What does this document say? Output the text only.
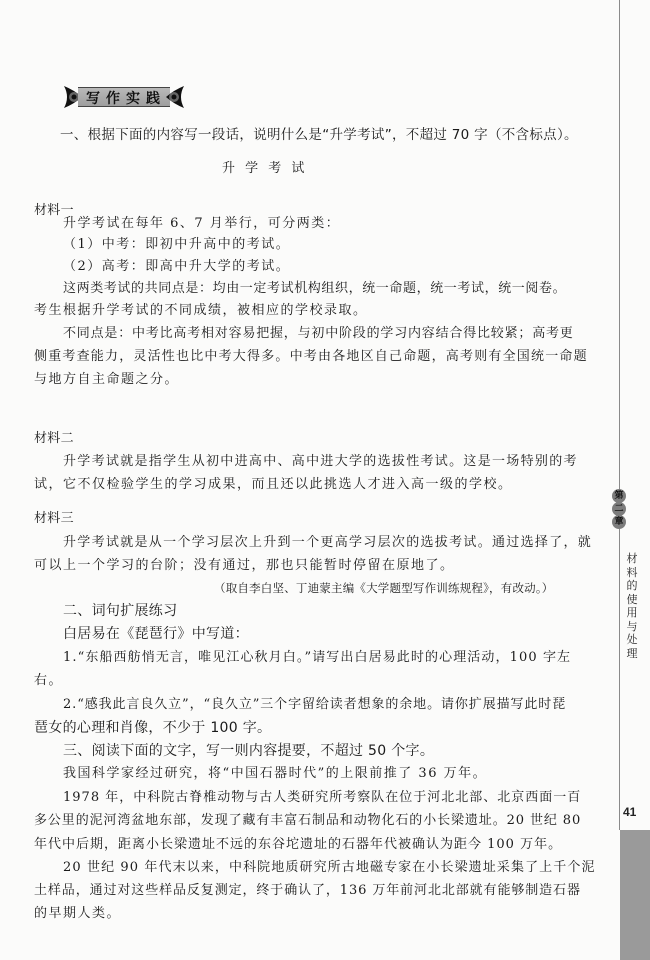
写作实践
一、根据下面的内容写一段话，说明什么是“升学考试”，不超过 70 字（不含标点）。
升 学 考 试
材料一
升学考试在每年 6、7 月举行，可分两类：
（1）中考：即初中升高中的考试。
（2）高考：即高中升大学的考试。
这两类考试的共同点是：均由一定考试机构组织，统一命题，统一考试，统一阅卷。
考生根据升学考试的不同成绩，被相应的学校录取。
不同点是：中考比高考相对容易把握，与初中阶段的学习内容结合得比较紧；高考更
侧重考查能力，灵活性也比中考大得多。中考由各地区自己命题，高考则有全国统一命题
与地方自主命题之分。
材料二
升学考试就是指学生从初中进高中、高中进大学的选拔性考试。这是一场特别的考
试，它不仅检验学生的学习成果，而且还以此挑选人才进入高一级的学校。
材料三
升学考试就是从一个学习层次上升到一个更高学习层次的选拔考试。通过选择了，就
可以上一个学习的台阶；没有通过，那也只能暂时停留在原地了。
（取自李白坚、丁迪蒙主编《大学题型写作训练规程》，有改动。）
二、词句扩展练习
白居易在《琵琶行》中写道：
1.“东船西舫悄无言，唯见江心秋月白。”请写出白居易此时的心理活动，100 字左
右。
2.“感我此言良久立”，“良久立”三个字留给读者想象的余地。请你扩展描写此时琵
琶女的心理和肖像，不少于 100 字。
三、阅读下面的文字，写一则内容提要，不超过 50 个字。
我国科学家经过研究，将“中国石器时代”的上限前推了 36 万年。
1978 年，中科院古脊椎动物与古人类研究所考察队在位于河北北部、北京西面一百
多公里的泥河湾盆地东部，发现了藏有丰富石制品和动物化石的小长梁遗址。20 世纪 80
年代中后期，距离小长梁遗址不远的东谷坨遗址的石器年代被确认为距今 100 万年。
20 世纪 90 年代末以来，中科院地质研究所古地磁专家在小长梁遗址采集了上千个泥
土样品，通过对这些样品反复测定，终于确认了，136 万年前河北北部就有能够制造石器
的早期人类。
第
二
章
材
料
的
使
用
与
处
理
41
